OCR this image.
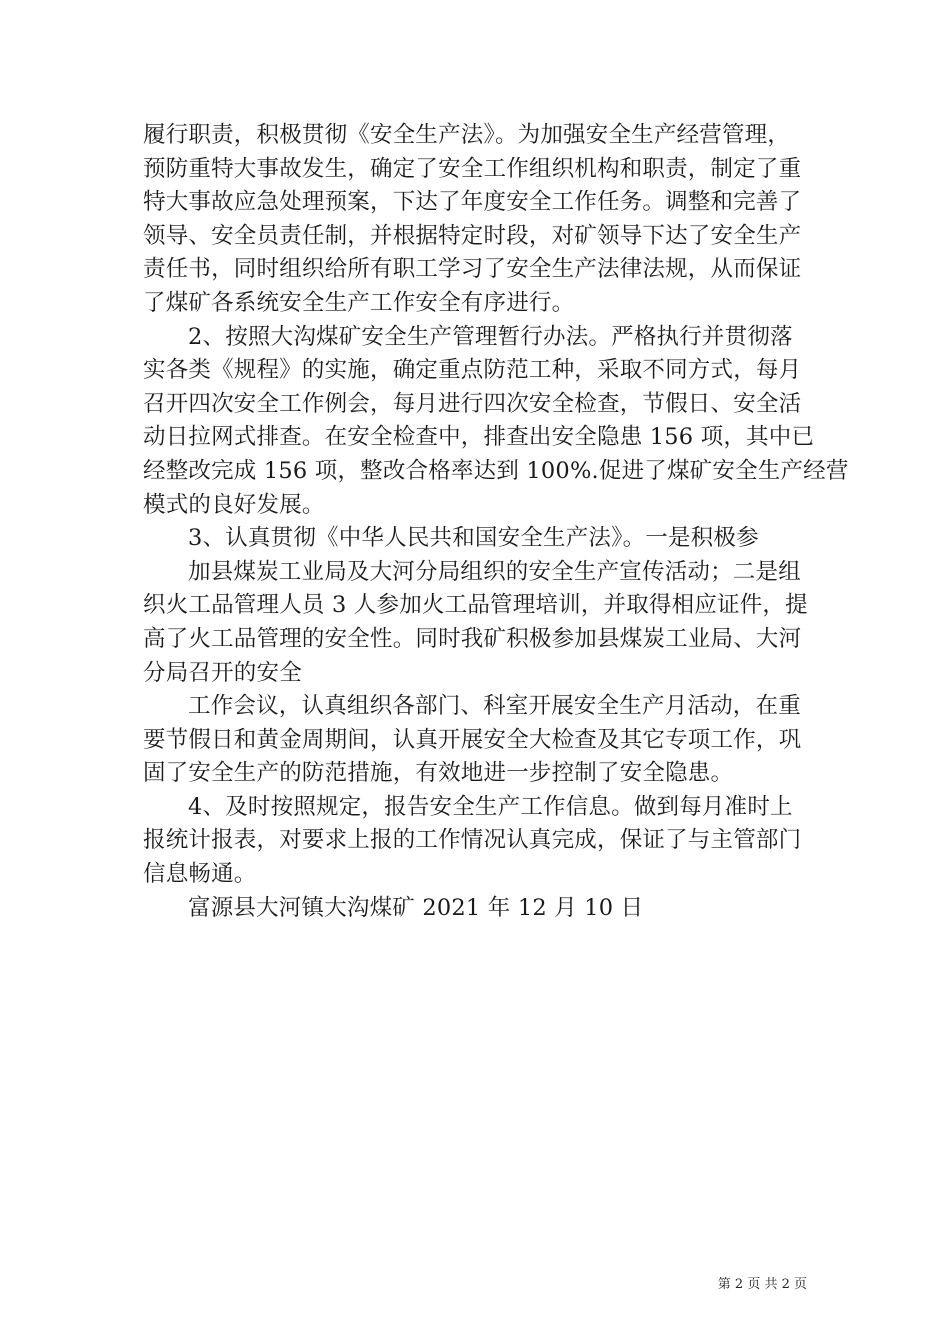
履行职责，积极贯彻《安全生产法》。为加强安全生产经营管理，
预防重特大事故发生，确定了安全工作组织机构和职责，制定了重
特大事故应急处理预案，下达了年度安全工作任务。调整和完善了
领导、安全员责任制，并根据特定时段，对矿领导下达了安全生产
责任书，同时组织给所有职工学习了安全生产法律法规，从而保证
了煤矿各系统安全生产工作安全有序进行。
2、按照大沟煤矿安全生产管理暂行办法。严格执行并贯彻落
实各类《规程》的实施，确定重点防范工种，采取不同方式，每月
召开四次安全工作例会，每月进行四次安全检查，节假日、安全活
动日拉网式排查。在安全检查中，排查出安全隐患 156 项，其中已
经整改完成 156 项，整改合格率达到 100%.促进了煤矿安全生产经营
模式的良好发展。
3、认真贯彻《中华人民共和国安全生产法》。一是积极参
加县煤炭工业局及大河分局组织的安全生产宣传活动；二是组
织火工品管理人员 3 人参加火工品管理培训，并取得相应证件，提
高了火工品管理的安全性。同时我矿积极参加县煤炭工业局、大河
分局召开的安全
工作会议，认真组织各部门、科室开展安全生产月活动，在重
要节假日和黄金周期间，认真开展安全大检查及其它专项工作，巩
固了安全生产的防范措施，有效地进一步控制了安全隐患。
4、及时按照规定，报告安全生产工作信息。做到每月准时上
报统计报表，对要求上报的工作情况认真完成，保证了与主管部门
信息畅通。
富源县大河镇大沟煤矿 2021 年 12 月 10 日
第 2 页 共 2 页
